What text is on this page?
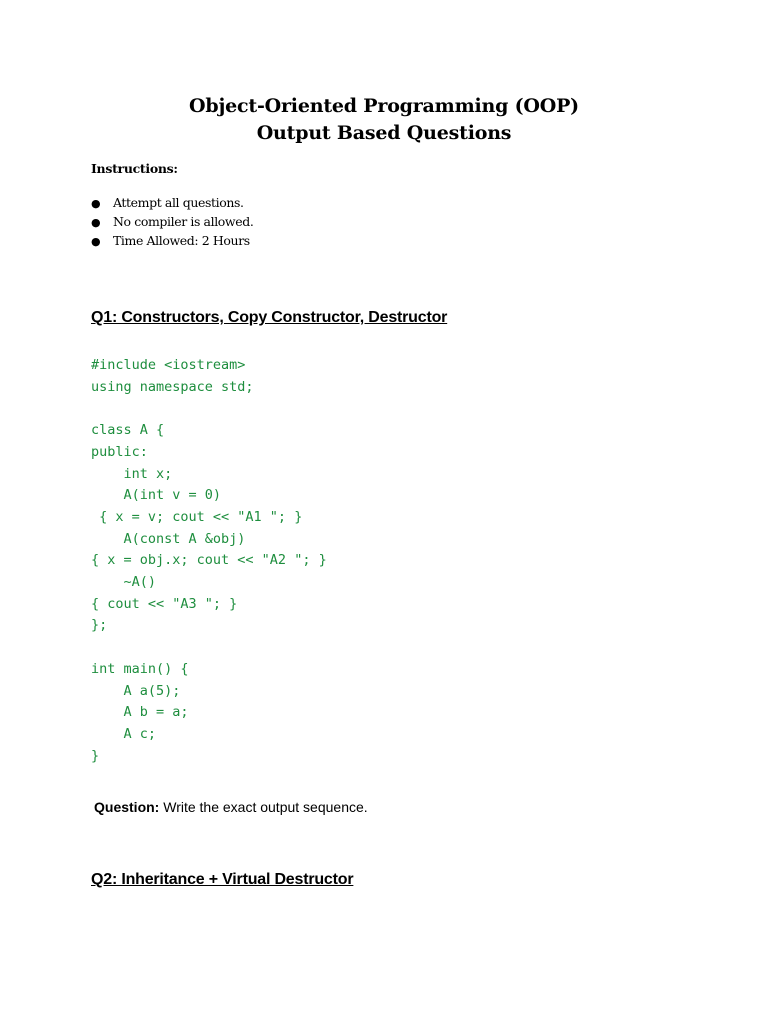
Object-Oriented Programming (OOP)
Output Based Questions
Instructions:
● Attempt all questions.
● No compiler is allowed.
● Time Allowed: 2 Hours
Q1: Constructors, Copy Constructor, Destructor
#include <iostream>
using namespace std;

class A {
public:
int x;
A(int v = 0)
{ x = v; cout << "A1 "; }
A(const A &obj)
{ x = obj.x; cout << "A2 "; }
~A()
{ cout << "A3 "; }
};

int main() {
A a(5);
A b = a;
A c;
}
Question: Write the exact output sequence.
Q2: Inheritance + Virtual Destructor
